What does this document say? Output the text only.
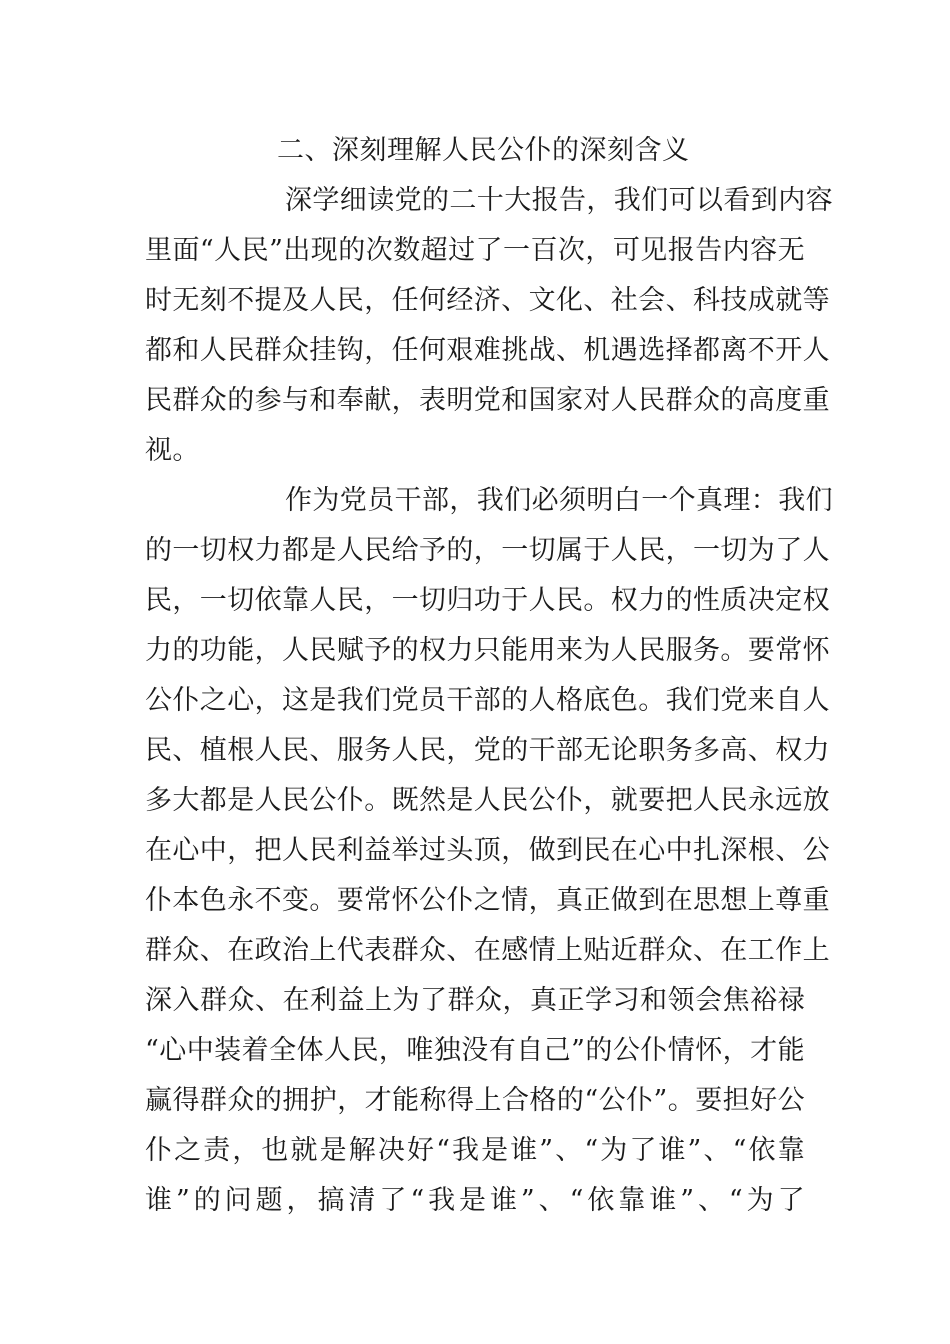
二、深刻理解人民公仆的深刻含义
深学细读党的二十大报告，我们可以看到内容
里面“人民”出现的次数超过了一百次，可见报告内容无
时无刻不提及人民，任何经济、文化、社会、科技成就等
都和人民群众挂钩，任何艰难挑战、机遇选择都离不开人
民群众的参与和奉献，表明党和国家对人民群众的高度重
视。
作为党员干部，我们必须明白一个真理：我们
的一切权力都是人民给予的，一切属于人民，一切为了人
民，一切依靠人民，一切归功于人民。权力的性质决定权
力的功能，人民赋予的权力只能用来为人民服务。要常怀
公仆之心，这是我们党员干部的人格底色。我们党来自人
民、植根人民、服务人民，党的干部无论职务多高、权力
多大都是人民公仆。既然是人民公仆，就要把人民永远放
在心中，把人民利益举过头顶，做到民在心中扎深根、公
仆本色永不变。要常怀公仆之情，真正做到在思想上尊重
群众、在政治上代表群众、在感情上贴近群众、在工作上
深入群众、在利益上为了群众，真正学习和领会焦裕禄
“心中装着全体人民，唯独没有自己”的公仆情怀，才能
赢得群众的拥护，才能称得上合格的“公仆”。要担好公
仆之责，也就是解决好“我是谁”、“为了谁”、“依靠
谁”的问题，搞清了“我是谁”、“依靠谁”、“为了
